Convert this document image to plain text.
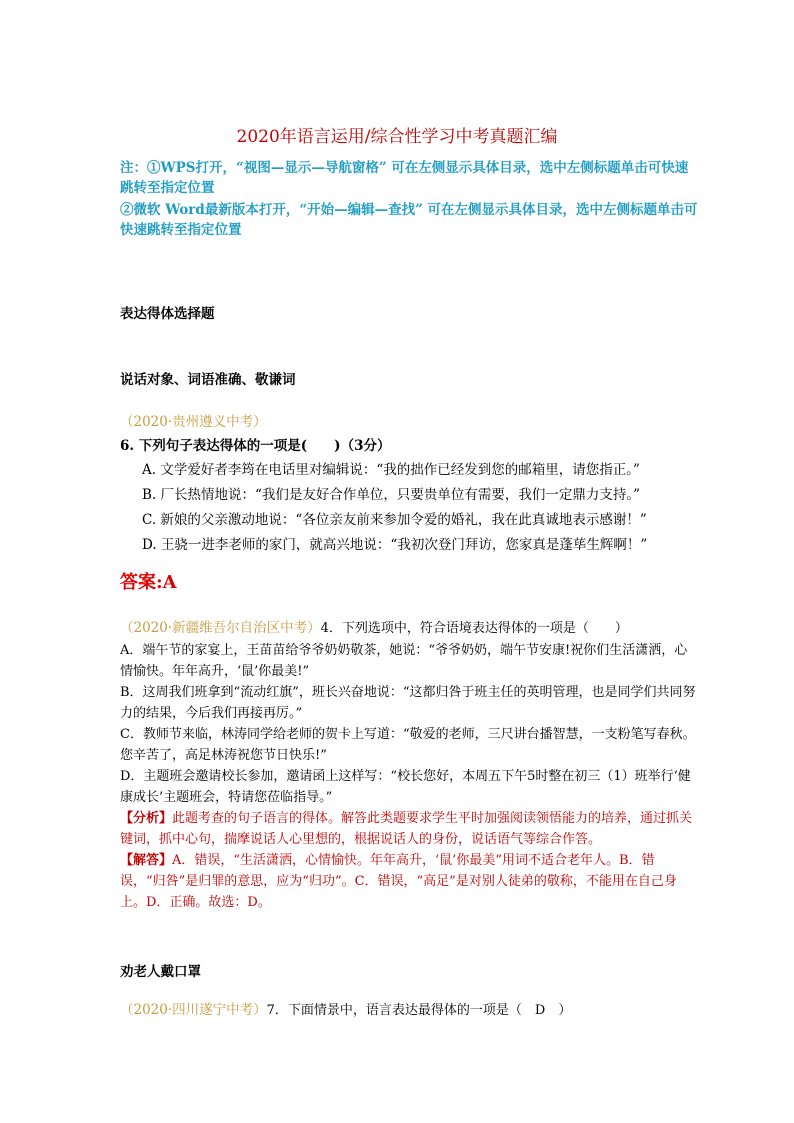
2020年语言运用/综合性学习中考真题汇编
注：①WPS打开，“视图—显示—导航窗格” 可在左侧显示具体目录，选中左侧标题单击可快速跳转至指定位置
②微软 Word最新版本打开，“开始—编辑—查找” 可在左侧显示具体目录，选中左侧标题单击可快速跳转至指定位置
表达得体选择题
说话对象、词语准确、敬谦词
（2020·贵州遵义中考）
6. 下列句子表达得体的一项是(　　)（3分）
A. 文学爱好者李筠在电话里对编辑说：“我的拙作已经发到您的邮箱里，请您指正。”
B. 厂长热情地说：“我们是友好合作单位，只要贵单位有需要，我们一定鼎力支持。”
C. 新娘的父亲激动地说：“各位亲友前来参加令爱的婚礼，我在此真诚地表示感谢！”
D. 王骁一进李老师的家门，就高兴地说：“我初次登门拜访，您家真是蓬荜生辉啊！”
答案:A
（2020·新疆维吾尔自治区中考）4．下列选项中，符合语境表达得体的一项是（　　）
A．端午节的家宴上，王苗苗给爷爷奶奶敬茶，她说：“爷爷奶奶，端午节安康!祝你们生活潇洒，心情愉快。年年高升，‘鼠’你最美!”
B．这周我们班拿到“流动红旗”，班长兴奋地说：“这都归咎于班主任的英明管理，也是同学们共同努力的结果，今后我们再接再厉。”
C．教师节来临，林涛同学给老师的贺卡上写道：“敬爱的老师，三尺讲台播智慧，一支粉笔写春秋。您辛苦了，高足林涛祝您节日快乐!”
D．主题班会邀请校长参加，邀请函上这样写：“校长您好，本周五下午5时整在初三（1）班举行‘健康成长’主题班会，特请您莅临指导。”
【分析】此题考查的句子语言的得体。解答此类题要求学生平时加强阅读领悟能力的培养，通过抓关键词，抓中心句，揣摩说话人心里想的，根据说话人的身份，说话语气等综合作答。
【解答】A．错误，“生活潇洒，心情愉快。年年高升，‘鼠’你最美”用词不适合老年人。B．错误，“归咎”是归罪的意思，应为“归功”。C．错误，“高足”是对别人徒弟的敬称，不能用在自己身上。D．正确。故选：D。
劝老人戴口罩
（2020·四川遂宁中考）7．下面情景中，语言表达最得体的一项是（　D　）
